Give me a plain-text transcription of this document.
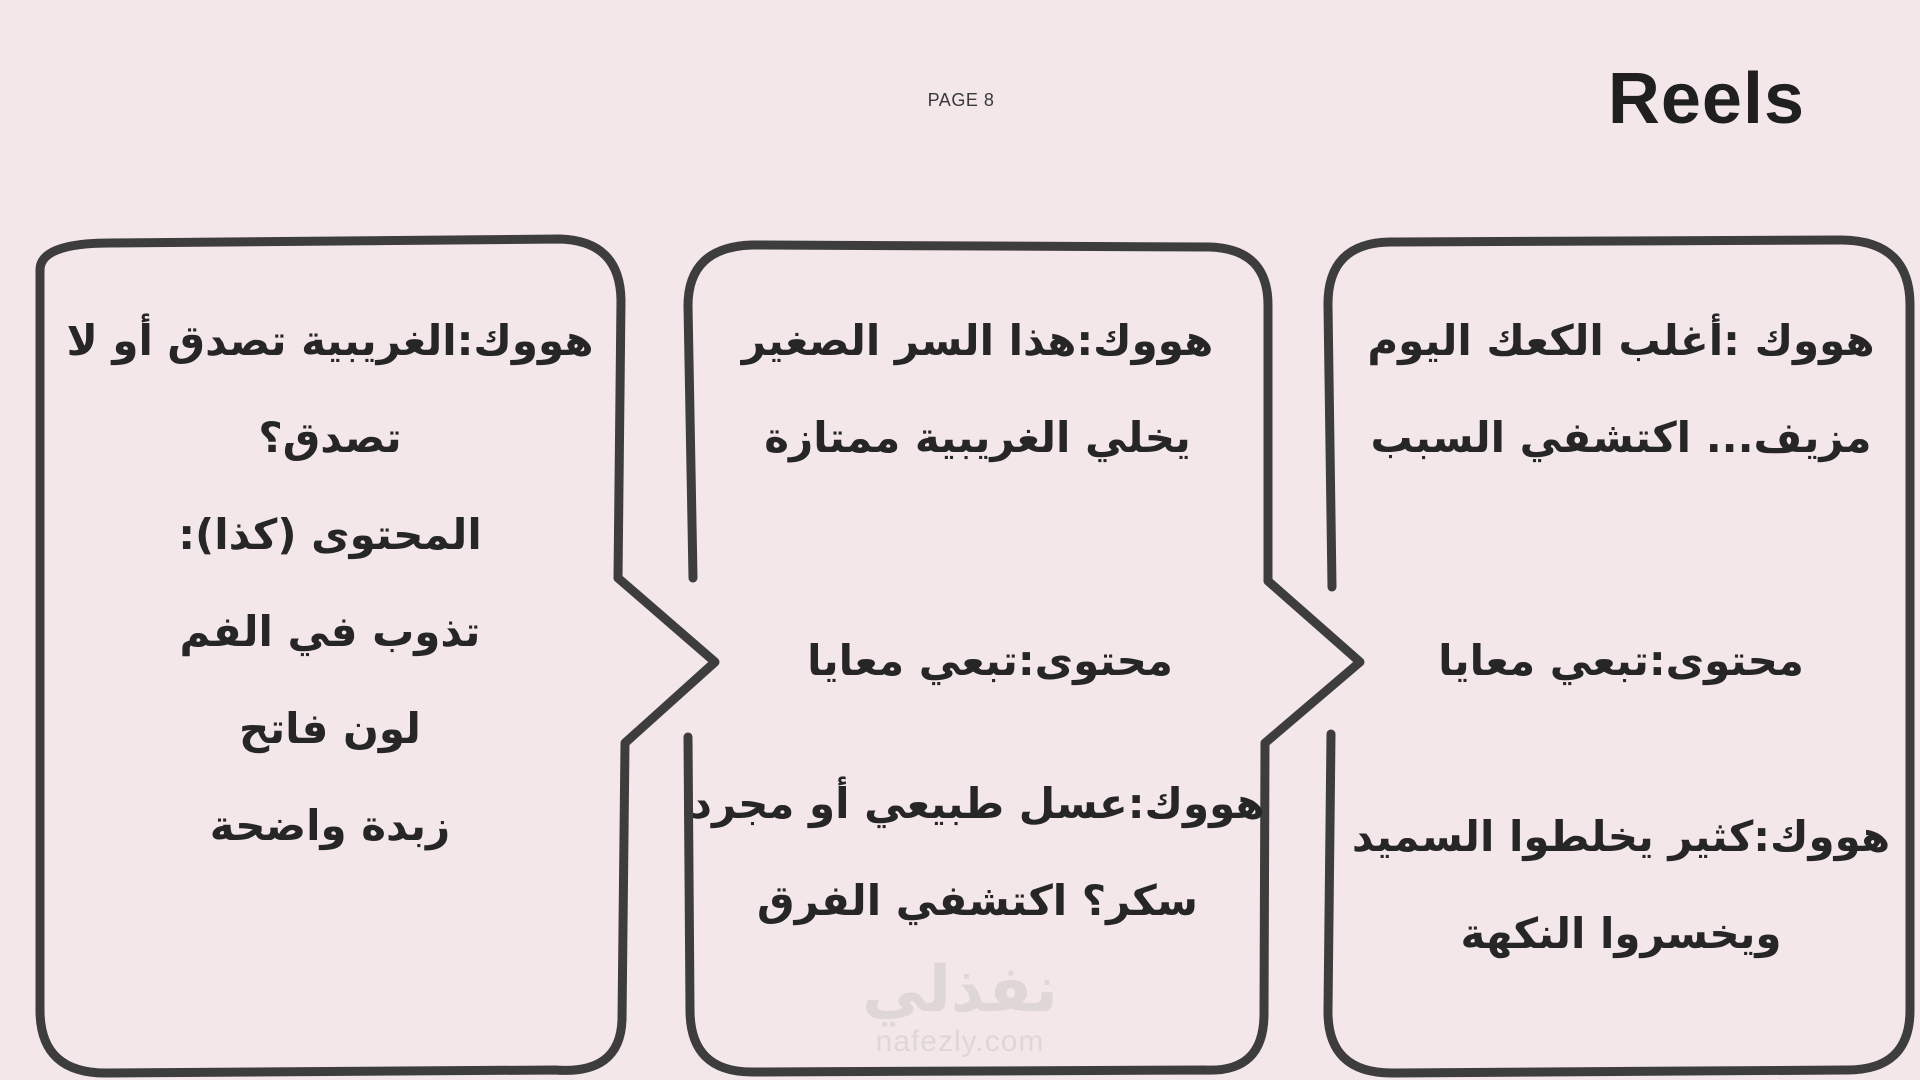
PAGE 8	Reels
هووك :أغلب الكعك اليوم
مزيف... اكتشفي السبب
محتوى:تبعي معايا
هووك:كثير يخلطوا السميد
ويخسروا النكهة
هووك:هذا السر الصغير
يخلي الغريبية ممتازة
محتوى:تبعي معايا
هووك:عسل طبيعي أو مجرد
سكر؟ اكتشفي الفرق
هووك:الغريبية تصدق أو لا
تصدق؟
المحتوى (كذا):
تذوب في الفم
لون فاتح
زبدة واضحة
نفذلي
nafezly.com
